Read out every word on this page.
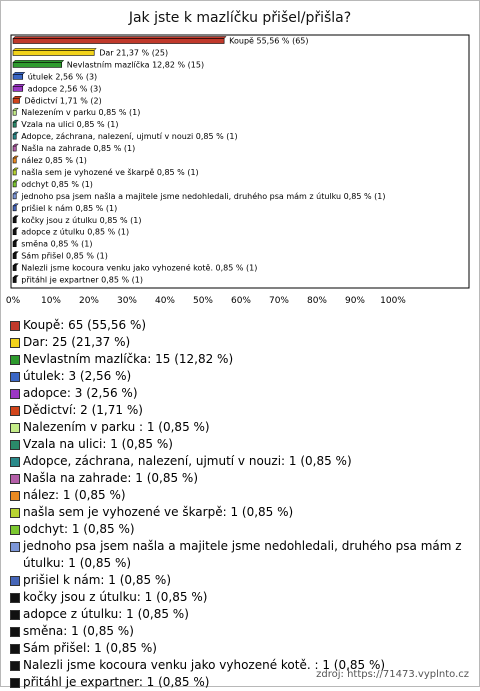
Jak jste k mazlíčku přišel/přišla?
Koupě 55,56 % (65)
Dar 21,37 % (25)
Nevlastním mazlíčka 12,82 % (15)
útulek 2,56 % (3)
adopce 2,56 % (3)
Dědictví 1,71 % (2)
Nalezením v parku 0,85 % (1)
Vzala na ulici 0,85 % (1)
Adopce, záchrana, nalezení, ujmutí v nouzi 0,85 % (1)
Našla na zahrade 0,85 % (1)
nález 0,85 % (1)
našla sem je vyhozené ve škarpě 0,85 % (1)
odchyt 0,85 % (1)
jednoho psa jsem našla a majitele jsme nedohledali, druhého psa mám z útulku 0,85 % (1)
prišiel k nám 0,85 % (1)
kočky jsou z útulku 0,85 % (1)
adopce z útulku 0,85 % (1)
směna 0,85 % (1)
Sám přišel 0,85 % (1)
Nalezli jsme kocoura venku jako vyhozené kotě. 0,85 % (1)
přitáhl je expartner 0,85 % (1)
0% 10% 20% 30% 40% 50% 60% 70% 80% 90% 100%
Koupě: 65 (55,56 %)
Dar: 25 (21,37 %)
Nevlastním mazlíčka: 15 (12,82 %)
útulek: 3 (2,56 %)
adopce: 3 (2,56 %)
Dědictví: 2 (1,71 %)
Nalezením v parku : 1 (0,85 %)
Vzala na ulici: 1 (0,85 %)
Adopce, záchrana, nalezení, ujmutí v nouzi: 1 (0,85 %)
Našla na zahrade: 1 (0,85 %)
nález: 1 (0,85 %)
našla sem je vyhozené ve škarpě: 1 (0,85 %)
odchyt: 1 (0,85 %)
jednoho psa jsem našla a majitele jsme nedohledali, druhého psa mám z útulku: 1 (0,85 %)
prišiel k nám: 1 (0,85 %)
kočky jsou z útulku: 1 (0,85 %)
adopce z útulku: 1 (0,85 %)
směna: 1 (0,85 %)
Sám přišel: 1 (0,85 %)
Nalezli jsme kocoura venku jako vyhozené kotě. : 1 (0,85 %)
přitáhl je expartner: 1 (0,85 %)
zdroj: https://71473.vyplnto.cz
